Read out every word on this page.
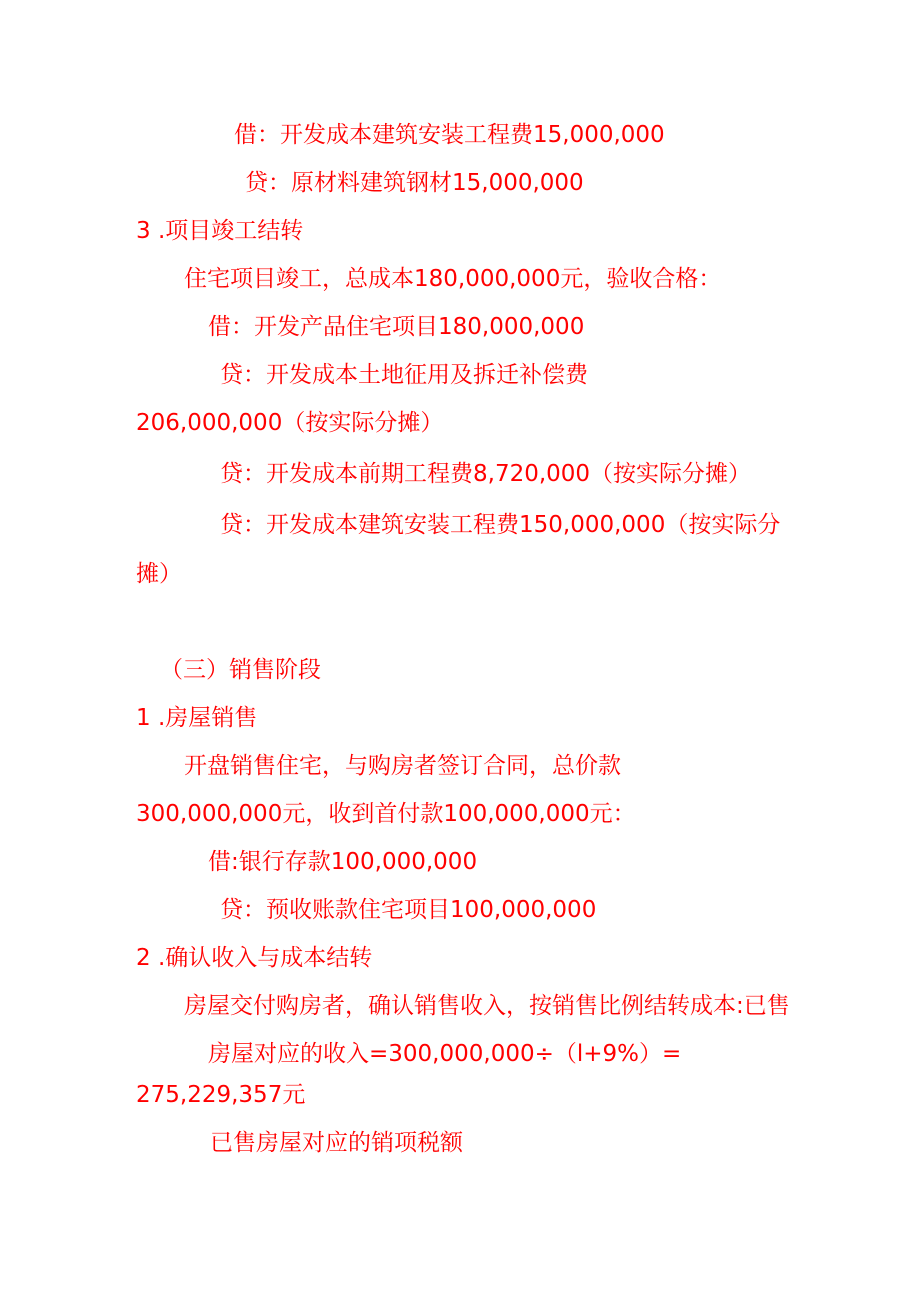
借：开发成本建筑安装工程费15,000,000
贷：原材料建筑钢材15,000,000
3 .项目竣工结转
住宅项目竣工，总成本180,000,000元，验收合格：
借：开发产品住宅项目180,000,000
贷：开发成本土地征用及拆迁补偿费
206,000,000（按实际分摊）
贷：开发成本前期工程费8,720,000（按实际分摊）
贷：开发成本建筑安装工程费150,000,000（按实际分
摊）
（三）销售阶段
1 .房屋销售
开盘销售住宅，与购房者签订合同，总价款
300,000,000元，收到首付款100,000,000元：
借:银行存款100,000,000
贷：预收账款住宅项目100,000,000
2 .确认收入与成本结转
房屋交付购房者，确认销售收入，按销售比例结转成本:已售
房屋对应的收入=300,000,000÷（l+9%）=
275,229,357元
已售房屋对应的销项税额
